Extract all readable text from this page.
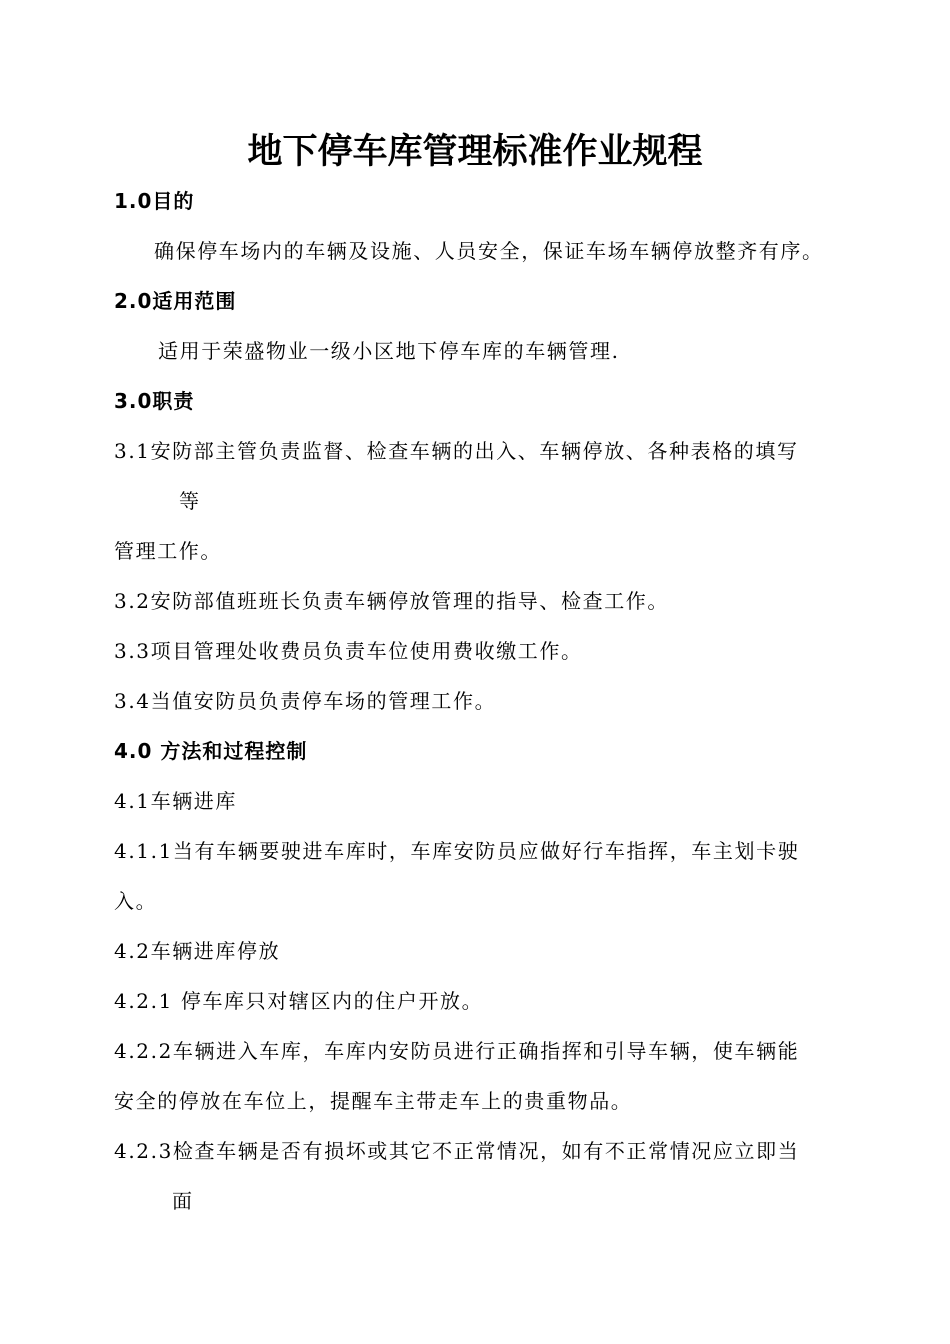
地下停车库管理标准作业规程

1.0目的

确保停车场内的车辆及设施、人员安全，保证车场车辆停放整齐有序。

2.0适用范围

适用于荣盛物业一级小区地下停车库的车辆管理.

3.0职责

3.1安防部主管负责监督、检查车辆的出入、车辆停放、各种表格的填写

等

管理工作。

3.2安防部值班班长负责车辆停放管理的指导、检查工作。

3.3项目管理处收费员负责车位使用费收缴工作。

3.4当值安防员负责停车场的管理工作。

4.0 方法和过程控制

4.1车辆进库

4.1.1当有车辆要驶进车库时，车库安防员应做好行车指挥，车主划卡驶

入。

4.2车辆进库停放

4.2.1 停车库只对辖区内的住户开放。

4.2.2车辆进入车库，车库内安防员进行正确指挥和引导车辆，使车辆能

安全的停放在车位上，提醒车主带走车上的贵重物品。

4.2.3检查车辆是否有损坏或其它不正常情况，如有不正常情况应立即当

面
